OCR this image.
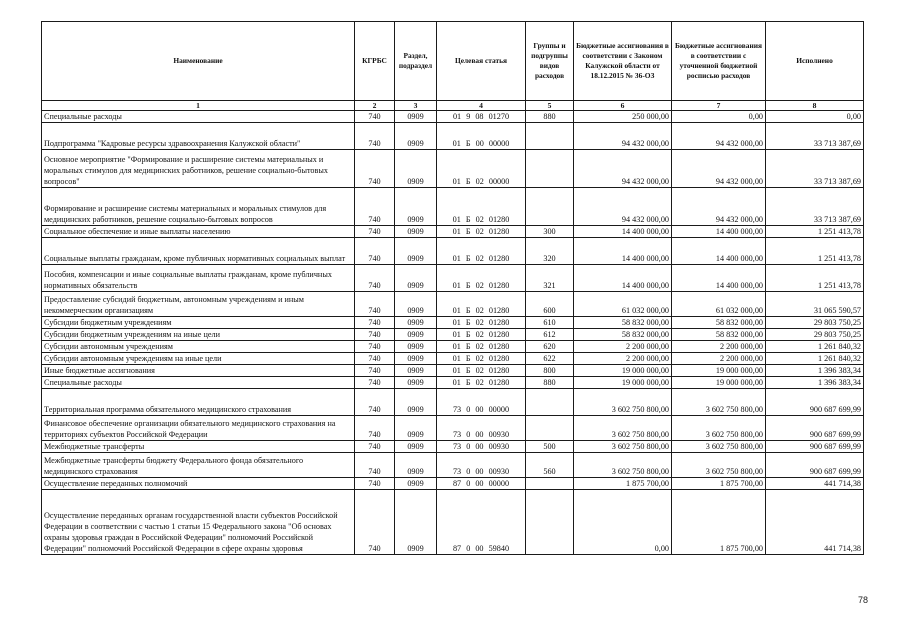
Наименование	КГРБС	Раздел, подраздел	Целевая статья	Группы и подгруппы видов расходов	Бюджетные ассигнования в соответствии с Законом Калужской области от 18.12.2015 № 36-ОЗ	Бюджетные ассигнования в соответствии с уточненной бюджетной росписью расходов	Исполнено
1	2	3	4	5	6	7	8
Специальные расходы	740	0909	01 9 08 01270	880	250 000,00	0,00	0,00
Подпрограмма "Кадровые ресурсы здравоохранения Калужской области"	740	0909	01 Б 00 00000		94 432 000,00	94 432 000,00	33 713 387,69
Основное мероприятие "Формирование и расширение системы материальных и моральных стимулов для медицинских работников, решение социально-бытовых вопросов"	740	0909	01 Б 02 00000		94 432 000,00	94 432 000,00	33 713 387,69
Формирование и расширение системы материальных и моральных стимулов для медицинских работников, решение социально-бытовых вопросов	740	0909	01 Б 02 01280		94 432 000,00	94 432 000,00	33 713 387,69
Социальное обеспечение и иные выплаты населению	740	0909	01 Б 02 01280	300	14 400 000,00	14 400 000,00	1 251 413,78
Социальные выплаты гражданам, кроме публичных нормативных социальных выплат	740	0909	01 Б 02 01280	320	14 400 000,00	14 400 000,00	1 251 413,78
Пособия, компенсации и иные социальные выплаты гражданам, кроме публичных нормативных обязательств	740	0909	01 Б 02 01280	321	14 400 000,00	14 400 000,00	1 251 413,78
Предоставление субсидий бюджетным, автономным учреждениям и иным некоммерческим организациям	740	0909	01 Б 02 01280	600	61 032 000,00	61 032 000,00	31 065 590,57
Субсидии бюджетным учреждениям	740	0909	01 Б 02 01280	610	58 832 000,00	58 832 000,00	29 803 750,25
Субсидии бюджетным учреждениям на иные цели	740	0909	01 Б 02 01280	612	58 832 000,00	58 832 000,00	29 803 750,25
Субсидии автономным учреждениям	740	0909	01 Б 02 01280	620	2 200 000,00	2 200 000,00	1 261 840,32
Субсидии автономным учреждениям на иные цели	740	0909	01 Б 02 01280	622	2 200 000,00	2 200 000,00	1 261 840,32
Иные бюджетные ассигнования	740	0909	01 Б 02 01280	800	19 000 000,00	19 000 000,00	1 396 383,34
Специальные расходы	740	0909	01 Б 02 01280	880	19 000 000,00	19 000 000,00	1 396 383,34
Территориальная программа обязательного медицинского страхования	740	0909	73 0 00 00000		3 602 750 800,00	3 602 750 800,00	900 687 699,99
Финансовое обеспечение организации обязательного медицинского страхования на территориях субъектов Российской Федерации	740	0909	73 0 00 00930		3 602 750 800,00	3 602 750 800,00	900 687 699,99
Межбюджетные трансферты	740	0909	73 0 00 00930	500	3 602 750 800,00	3 602 750 800,00	900 687 699,99
Межбюджетные трансферты бюджету Федерального фонда обязательного медицинского страхования	740	0909	73 0 00 00930	560	3 602 750 800,00	3 602 750 800,00	900 687 699,99
Осуществление переданных полномочий	740	0909	87 0 00 00000		1 875 700,00	1 875 700,00	441 714,38
Осуществление переданных органам государственной власти субъектов Российской Федерации в соответствии с частью 1 статьи 15 Федерального закона "Об основах охраны здоровья граждан в Российской Федерации" полномочий Российской Федерации" полномочий Российской Федерации в сфере охраны здоровья	740	0909	87 0 00 59840		0,00	1 875 700,00	441 714,38
78
